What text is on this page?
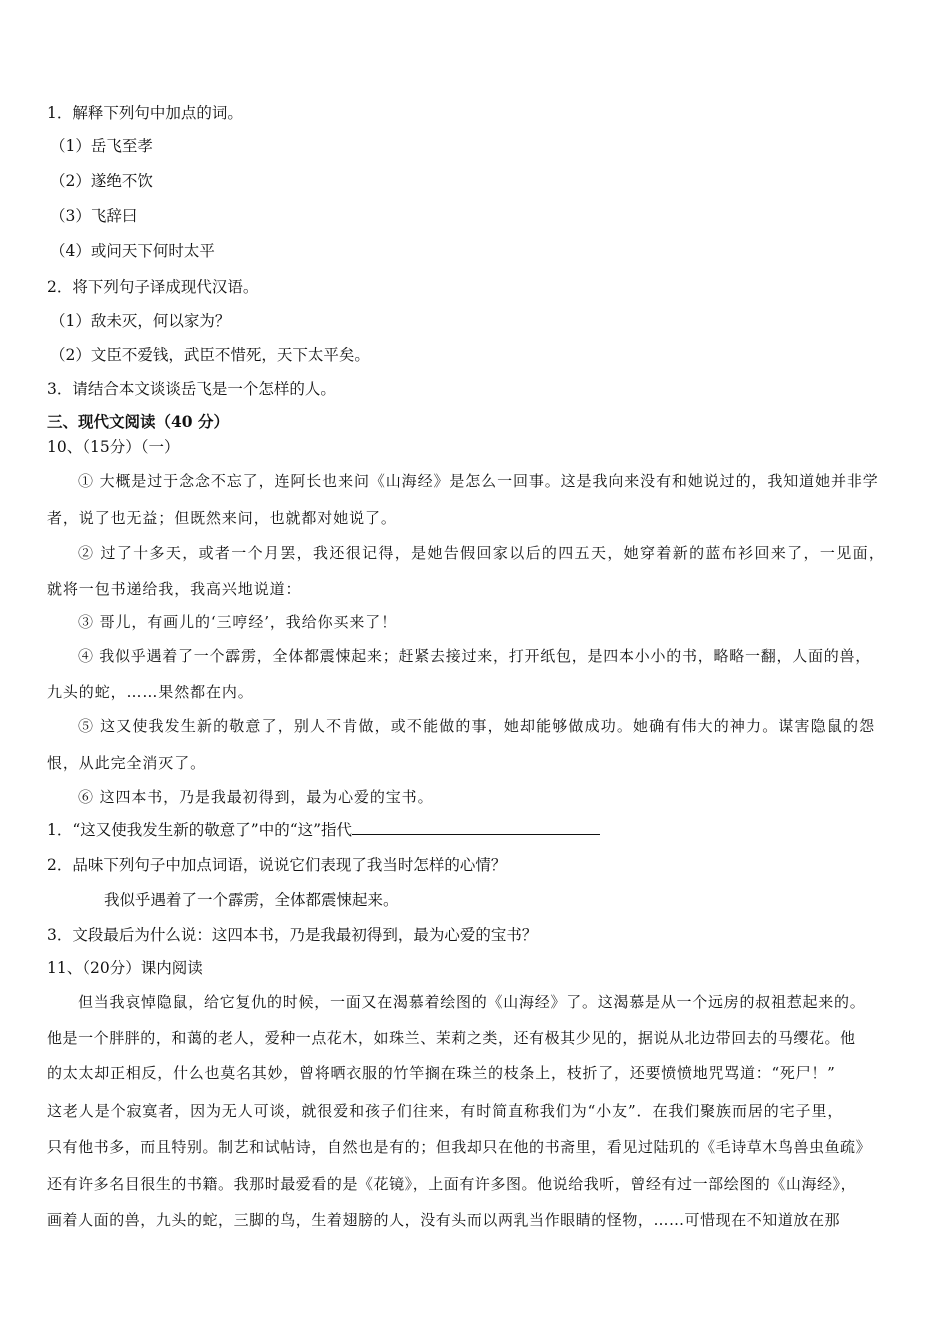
1．解释下列句中加点的词。
（1）岳飞至孝
（2）遂绝不饮
（3）飞辞曰
（4）或问天下何时太平
2．将下列句子译成现代汉语。
（1）敌未灭，何以家为？
（2）文臣不爱钱，武臣不惜死，天下太平矣。
3．请结合本文谈谈岳飞是一个怎样的人。
三、现代文阅读（40 分）
10、（15分）（一）
① 大概是过于念念不忘了，连阿长也来问《山海经》是怎么一回事。这是我向来没有和她说过的，我知道她并非学
者，说了也无益；但既然来问，也就都对她说了。
② 过了十多天，或者一个月罢，我还很记得，是她告假回家以后的四五天，她穿着新的蓝布衫回来了，一见面，
就将一包书递给我，我高兴地说道：
③ 哥儿，有画儿的‘三哼经’，我给你买来了！
④ 我似乎遇着了一个霹雳，全体都震悚起来；赶紧去接过来，打开纸包，是四本小小的书，略略一翻，人面的兽，
九头的蛇，……果然都在内。
⑤ 这又使我发生新的敬意了，别人不肯做，或不能做的事，她却能够做成功。她确有伟大的神力。谋害隐鼠的怨
恨，从此完全消灭了。
⑥ 这四本书，乃是我最初得到，最为心爱的宝书。
1．“这又使我发生新的敬意了”中的“这”指代
2．品味下列句子中加点词语，说说它们表现了我当时怎样的心情？
我似乎遇着了一个霹雳，全体都震悚起来。
3．文段最后为什么说：这四本书，乃是我最初得到，最为心爱的宝书？
11、（20分）课内阅读
但当我哀悼隐鼠，给它复仇的时候，一面又在渴慕着绘图的《山海经》了。这渴慕是从一个远房的叔祖惹起来的。
他是一个胖胖的，和蔼的老人，爱种一点花木，如珠兰、茉莉之类，还有极其少见的，据说从北边带回去的马缨花。他
的太太却正相反，什么也莫名其妙，曾将晒衣服的竹竿搁在珠兰的枝条上，枝折了，还要愤愤地咒骂道：“死尸！”
这老人是个寂寞者，因为无人可谈，就很爱和孩子们往来，有时简直称我们为“小友”．在我们聚族而居的宅子里，
只有他书多，而且特别。制艺和试帖诗，自然也是有的；但我却只在他的书斋里，看见过陆玑的《毛诗草木鸟兽虫鱼疏》
还有许多名目很生的书籍。我那时最爱看的是《花镜》，上面有许多图。他说给我听，曾经有过一部绘图的《山海经》，
画着人面的兽，九头的蛇，三脚的鸟，生着翅膀的人，没有头而以两乳当作眼睛的怪物，……可惜现在不知道放在那
